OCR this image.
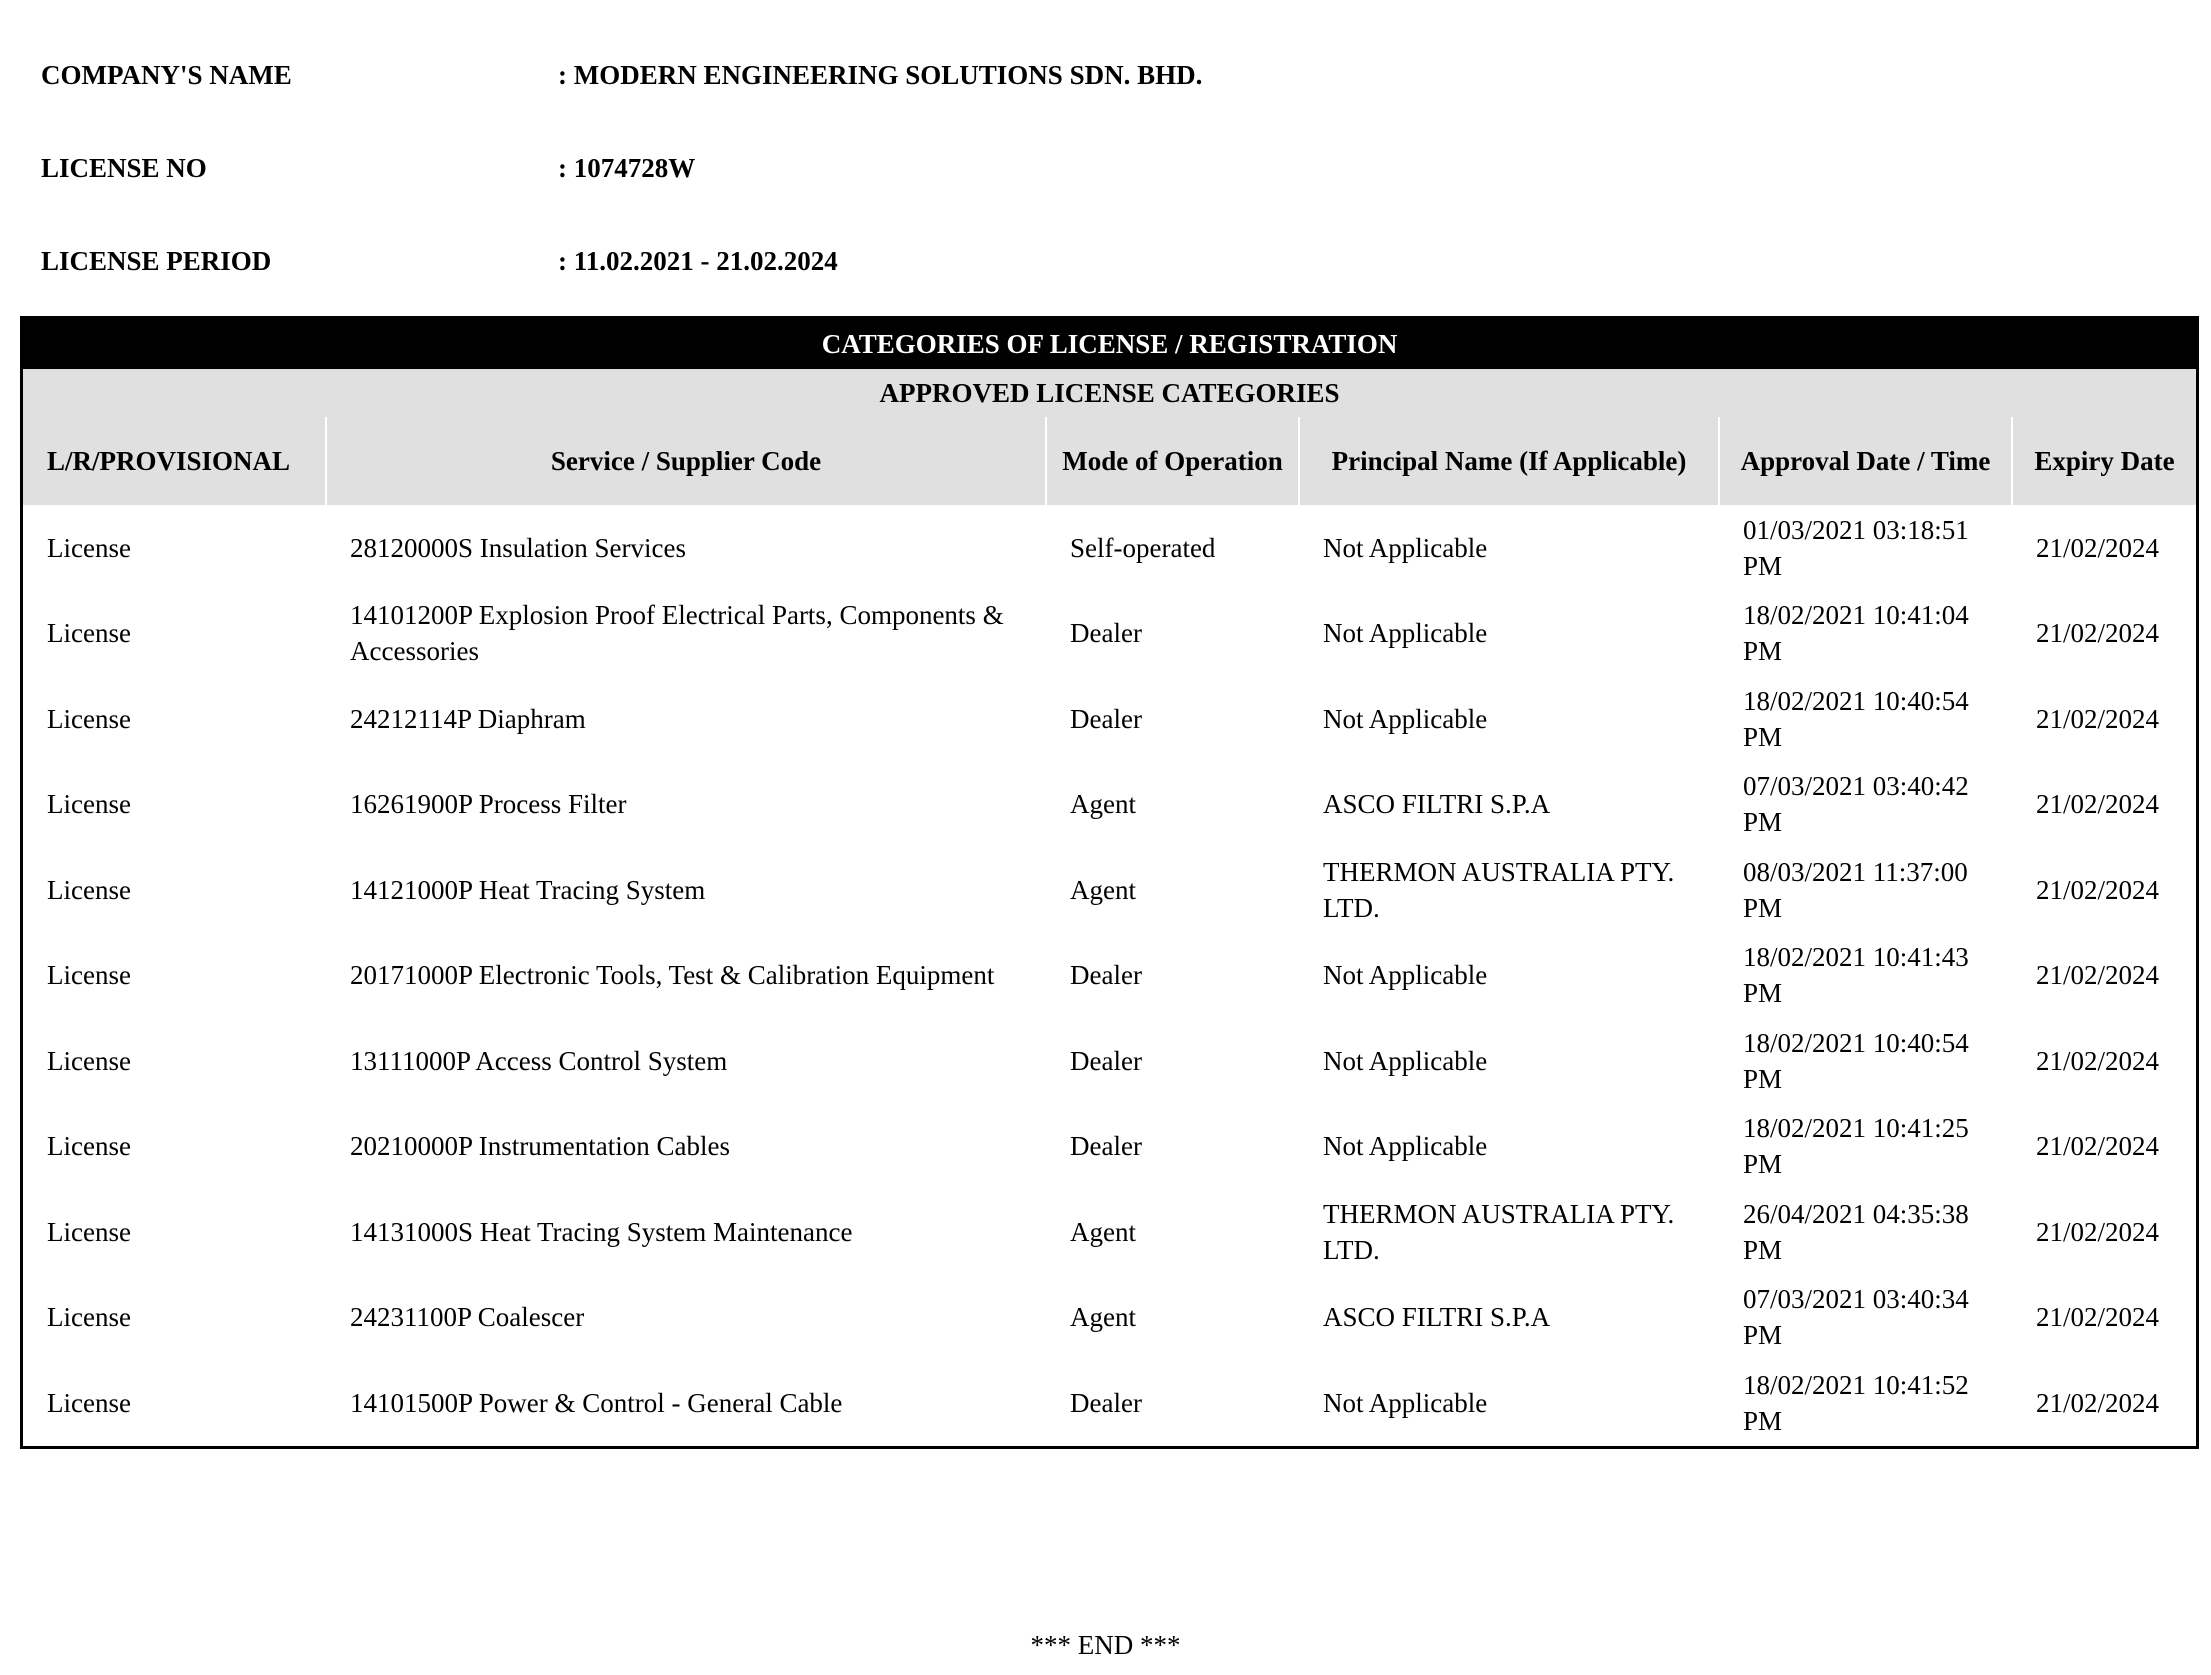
COMPANY'S NAME	: MODERN ENGINEERING SOLUTIONS SDN. BHD.
LICENSE NO	: 1074728W
LICENSE PERIOD	: 11.02.2021 - 21.02.2024
CATEGORIES OF LICENSE / REGISTRATION					
APPROVED LICENSE CATEGORIES					
L/R/PROVISIONAL	Service / Supplier Code	Mode of Operation	Principal Name (If Applicable)	Approval Date / Time	Expiry Date
License	28120000S Insulation Services	Self-operated	Not Applicable	01/03/2021 03:18:51 PM	21/02/2024
License	14101200P Explosion Proof Electrical Parts, Components & Accessories	Dealer	Not Applicable	18/02/2021 10:41:04 PM	21/02/2024
License	24212114P Diaphram	Dealer	Not Applicable	18/02/2021 10:40:54 PM	21/02/2024
License	16261900P Process Filter	Agent	ASCO FILTRI S.P.A	07/03/2021 03:40:42 PM	21/02/2024
License	14121000P Heat Tracing System	Agent	THERMON AUSTRALIA PTY. LTD.	08/03/2021 11:37:00 PM	21/02/2024
License	20171000P Electronic Tools, Test & Calibration Equipment	Dealer	Not Applicable	18/02/2021 10:41:43 PM	21/02/2024
License	13111000P Access Control System	Dealer	Not Applicable	18/02/2021 10:40:54 PM	21/02/2024
License	20210000P Instrumentation Cables	Dealer	Not Applicable	18/02/2021 10:41:25 PM	21/02/2024
License	14131000S Heat Tracing System Maintenance	Agent	THERMON AUSTRALIA PTY. LTD.	26/04/2021 04:35:38 PM	21/02/2024
License	24231100P Coalescer	Agent	ASCO FILTRI S.P.A	07/03/2021 03:40:34 PM	21/02/2024
License	14101500P Power & Control - General Cable	Dealer	Not Applicable	18/02/2021 10:41:52 PM	21/02/2024
*** END ***
